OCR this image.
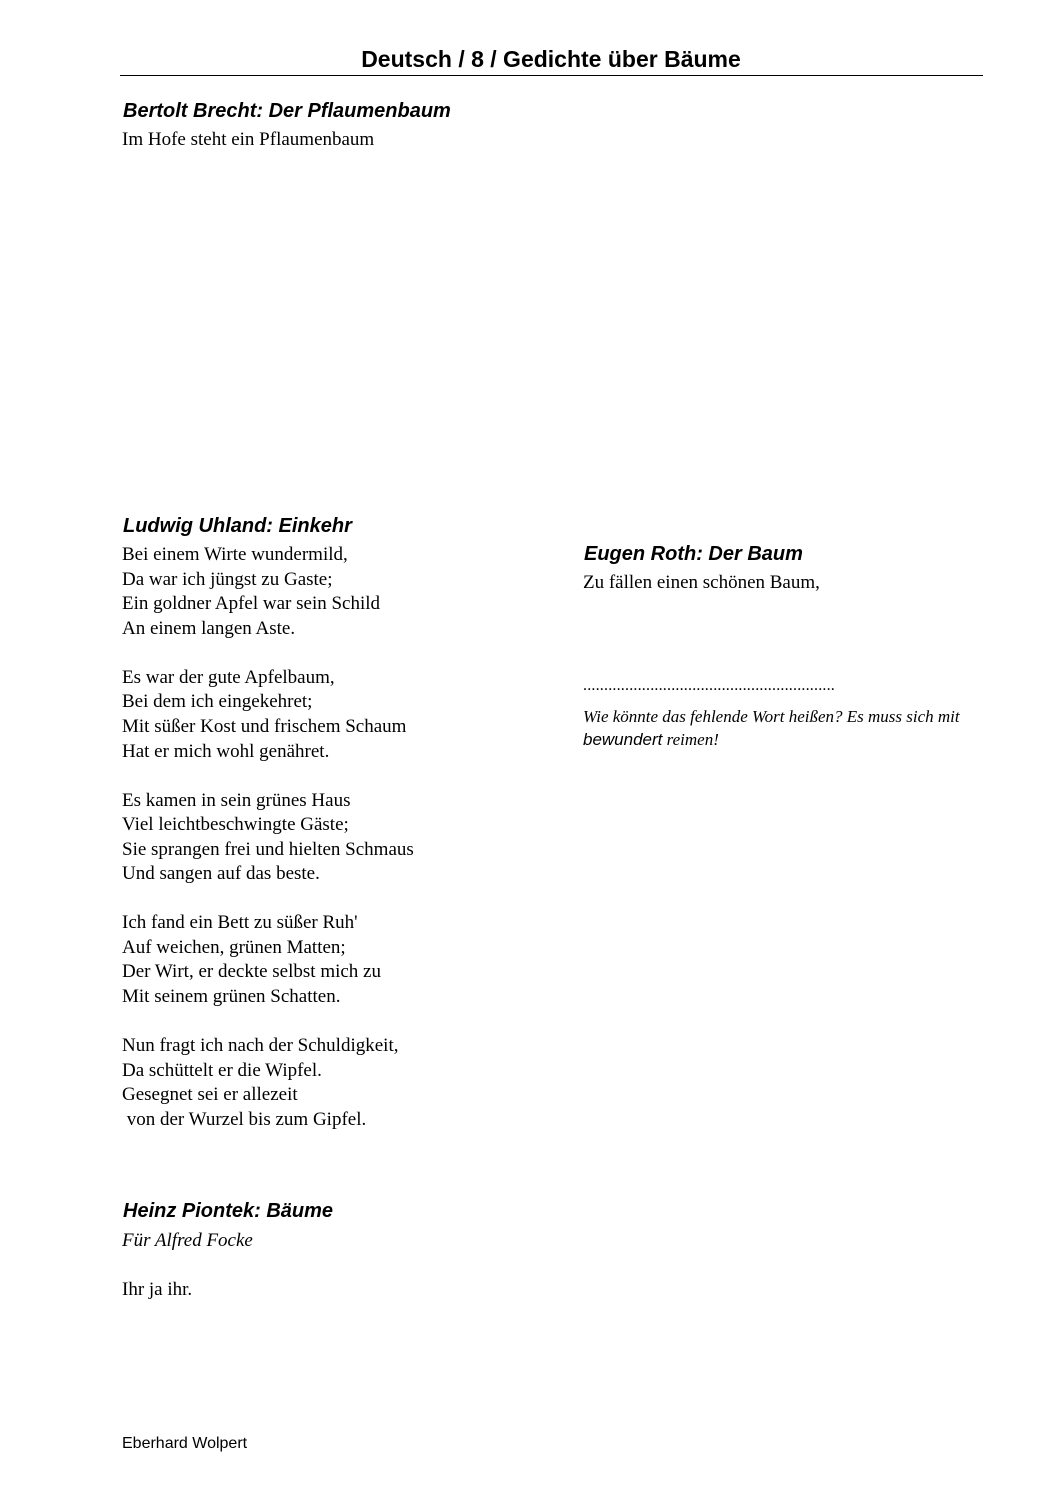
Deutsch / 8 / Gedichte über Bäume
Bertolt Brecht: Der Pflaumenbaum
Im Hofe steht ein Pflaumenbaum
Ludwig Uhland: Einkehr
Bei einem Wirte wundermild,
Da war ich jüngst zu Gaste;
Ein goldner Apfel war sein Schild
An einem langen Aste.
Es war der gute Apfelbaum,
Bei dem ich eingekehret;
Mit süßer Kost und frischem Schaum
Hat er mich wohl genähret.
Es kamen in sein grünes Haus
Viel leichtbeschwingte Gäste;
Sie sprangen frei und hielten Schmaus
Und sangen auf das beste.
Ich fand ein Bett zu süßer Ruh'
Auf weichen, grünen Matten;
Der Wirt, er deckte selbst mich zu
Mit seinem grünen Schatten.
Nun fragt ich nach der Schuldigkeit,
Da schüttelt er die Wipfel.
Gesegnet sei er allezeit
von der Wurzel bis zum Gipfel.
Eugen Roth: Der Baum
Zu fällen einen schönen Baum,
............................................................
Wie könnte das fehlende Wort heißen? Es muss sich mit bewundert reimen!
Heinz Piontek: Bäume
Für Alfred Focke
Ihr ja ihr.
Eberhard Wolpert
